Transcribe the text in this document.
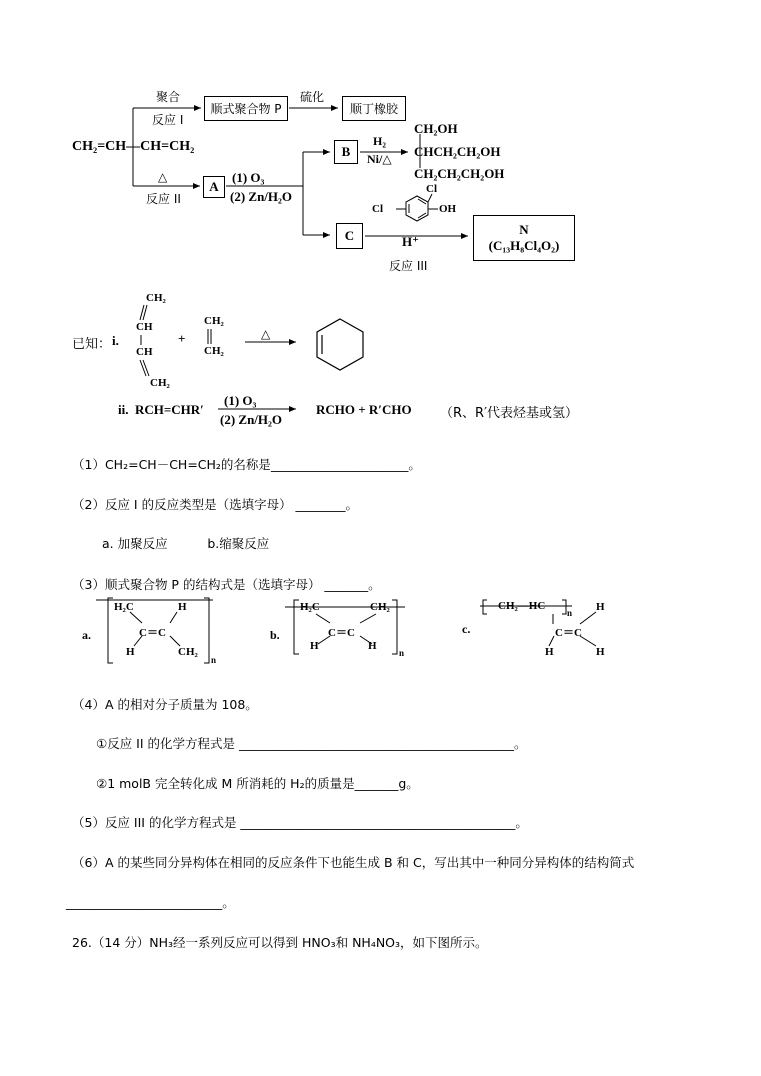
CH₂=CH—CH=CH₂
聚合
反应 I
顺式聚合物 P
硫化
顺丁橡胶
△
反应 II
A
(1) O₃
(2) Zn/H₂O
B
H₂
Ni/△
CH₂OH
CHCH₂CH₂OH
CH₂CH₂CH₂OH
C
Cl
Cl	OH
H⁺
反应 III
N
(C₁₃H₈Cl₄O₂)
已知： i.
CH₂
CH
CH
CH₂
+
CH₂
CH₂
△
ii. RCH=CHR′
(1) O₃
(2) Zn/H₂O
RCHO + R′CHO （R、R′代表烃基或氢）
（1）CH₂=CH－CH=CH₂的名称是______________________。
（2）反应 I 的反应类型是（选填字母） ________。
a. 加聚反应          b.缩聚反应
（3）顺式聚合物 P 的结构式是（选填字母） _______。
a.
H₂C	H
C＝C
H	CH₂
n
b.
H₂C	CH₂
C＝C
H	H
n
c.
CH₂—HC
n
C＝C
H
H	H
（4）A 的相对分子质量为 108。
①反应 II 的化学方程式是 ____________________________________________。
②1 molB 完全转化成 M 所消耗的 H₂的质量是_______g。
（5）反应 III 的化学方程式是 ____________________________________________。
（6）A 的某些同分异构体在相同的反应条件下也能生成 B 和 C，写出其中一种同分异构体的结构简式
_________________________。
26.（14 分）NH₃经一系列反应可以得到 HNO₃和 NH₄NO₃，如下图所示。
